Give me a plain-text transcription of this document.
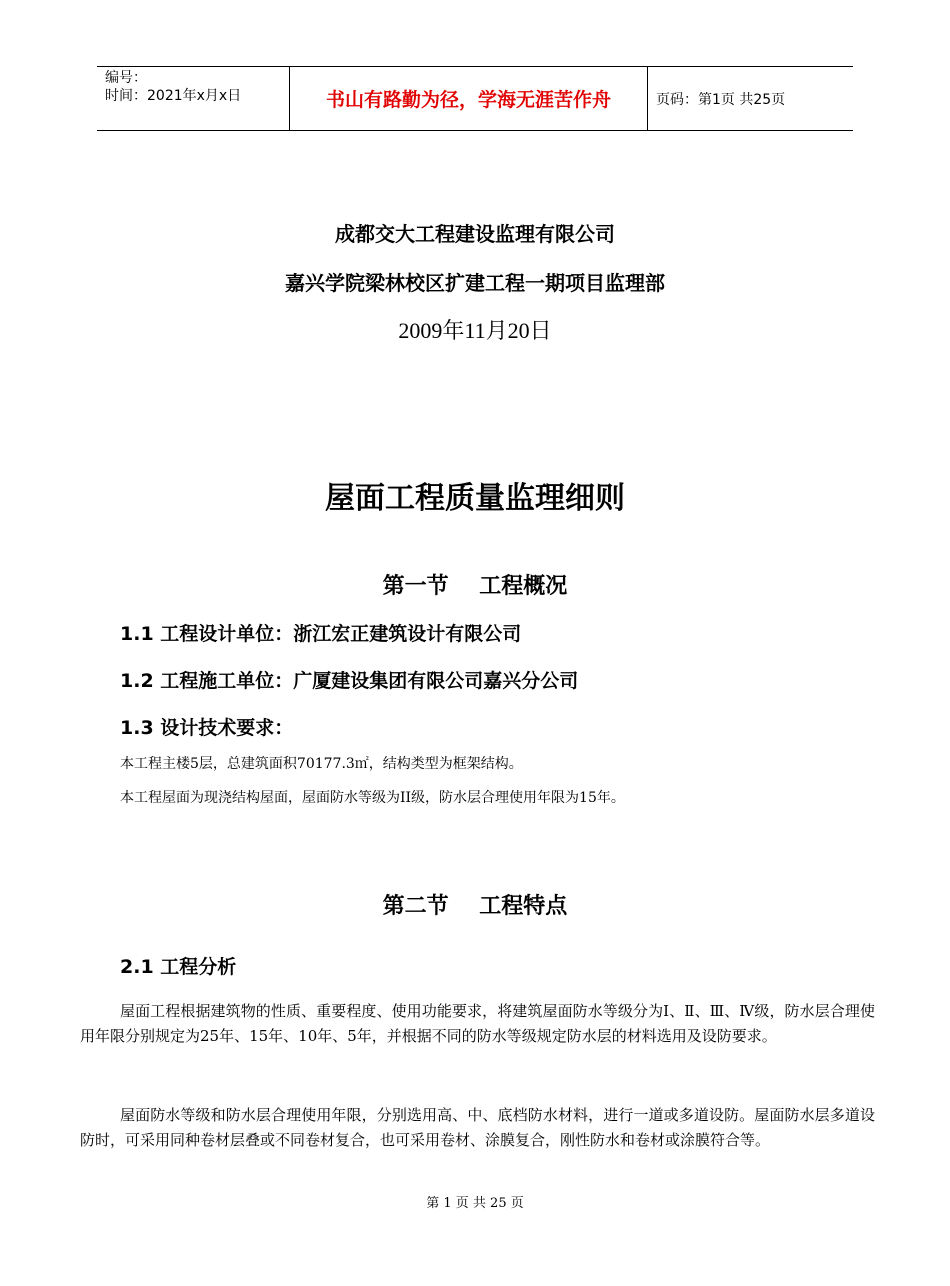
编号：
时间：2021年x月x日	书山有路勤为径，学海无涯苦作舟	页码：第1页 共25页
成都交大工程建设监理有限公司
嘉兴学院梁林校区扩建工程一期项目监理部
2009年11月20日
屋面工程质量监理细则
第一节    工程概况
1.1 工程设计单位：浙江宏正建筑设计有限公司
1.2 工程施工单位：广厦建设集团有限公司嘉兴分公司
1.3 设计技术要求：
本工程主楼5层，总建筑面积70177.3㎡，结构类型为框架结构。
本工程屋面为现浇结构屋面，屋面防水等级为II级，防水层合理使用年限为15年。
第二节    工程特点
2.1 工程分析
屋面工程根据建筑物的性质、重要程度、使用功能要求，将建筑屋面防水等级分为Ⅰ、Ⅱ、Ⅲ、Ⅳ级，防水层合理使用年限分别规定为25年、15年、10年、5年，并根据不同的防水等级规定防水层的材料选用及设防要求。
屋面防水等级和防水层合理使用年限，分别选用高、中、底档防水材料，进行一道或多道设防。屋面防水层多道设防时，可采用同种卷材层叠或不同卷材复合，也可采用卷材、涂膜复合，刚性防水和卷材或涂膜符合等。
第 1 页 共 25 页
